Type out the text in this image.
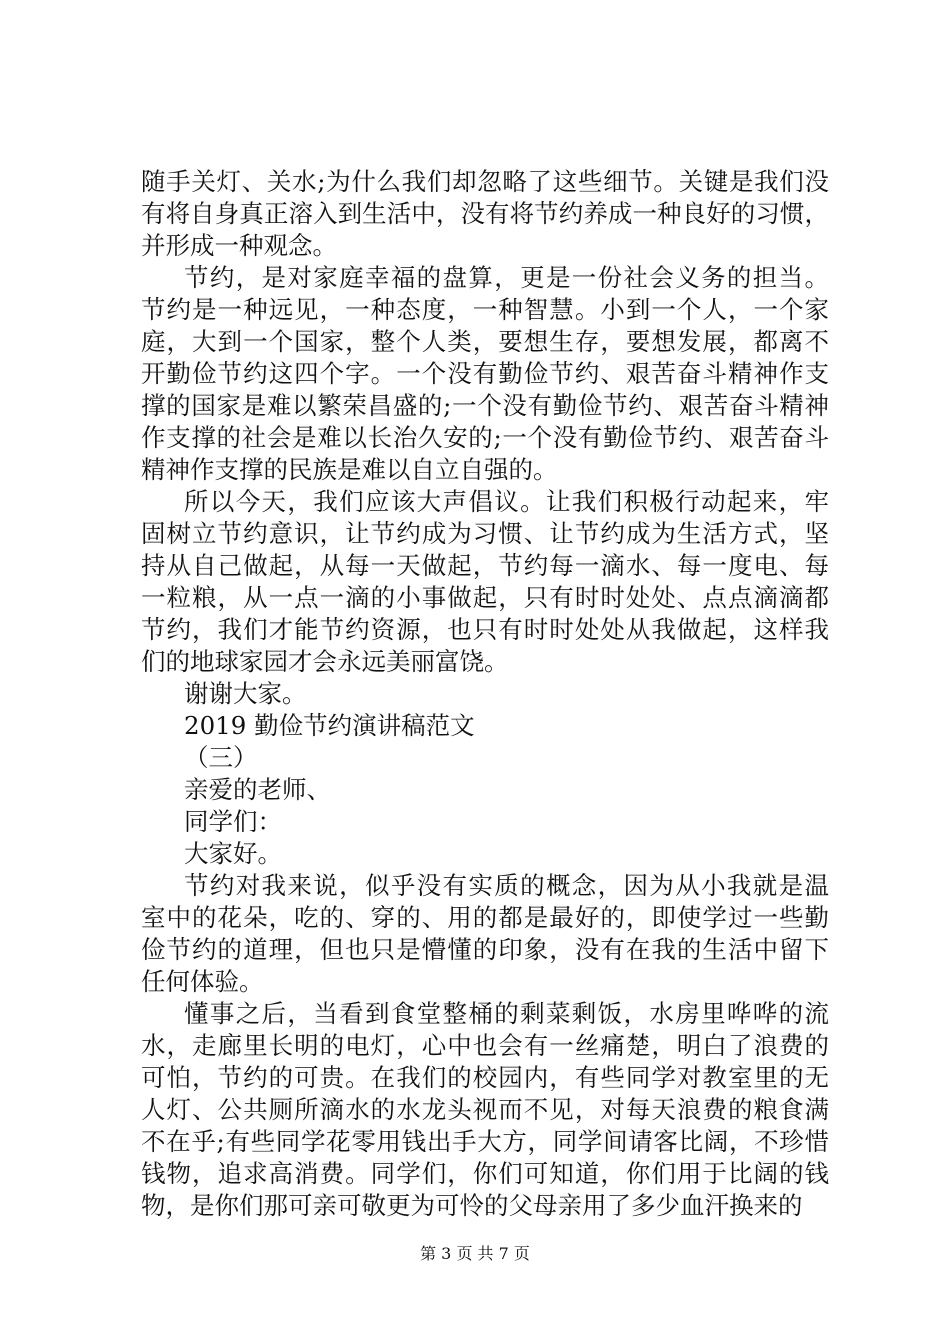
随手关灯、关水;为什么我们却忽略了这些细节。关键是我们没
有将自身真正溶入到生活中，没有将节约养成一种良好的习惯，
并形成一种观念。
节约，是对家庭幸福的盘算，更是一份社会义务的担当。
节约是一种远见，一种态度，一种智慧。小到一个人，一个家
庭，大到一个国家，整个人类，要想生存，要想发展，都离不
开勤俭节约这四个字。一个没有勤俭节约、艰苦奋斗精神作支
撑的国家是难以繁荣昌盛的;一个没有勤俭节约、艰苦奋斗精神
作支撑的社会是难以长治久安的;一个没有勤俭节约、艰苦奋斗
精神作支撑的民族是难以自立自强的。
所以今天，我们应该大声倡议。让我们积极行动起来，牢
固树立节约意识，让节约成为习惯、让节约成为生活方式，坚
持从自己做起，从每一天做起，节约每一滴水、每一度电、每
一粒粮，从一点一滴的小事做起，只有时时处处、点点滴滴都
节约，我们才能节约资源，也只有时时处处从我做起，这样我
们的地球家园才会永远美丽富饶。
谢谢大家。
2019 勤俭节约演讲稿范文
（三）
亲爱的老师、
同学们：
大家好。
节约对我来说，似乎没有实质的概念，因为从小我就是温
室中的花朵，吃的、穿的、用的都是最好的，即使学过一些勤
俭节约的道理，但也只是懵懂的印象，没有在我的生活中留下
任何体验。
懂事之后，当看到食堂整桶的剩菜剩饭，水房里哗哗的流
水，走廊里长明的电灯，心中也会有一丝痛楚，明白了浪费的
可怕，节约的可贵。在我们的校园内，有些同学对教室里的无
人灯、公共厕所滴水的水龙头视而不见，对每天浪费的粮食满
不在乎;有些同学花零用钱出手大方，同学间请客比阔，不珍惜
钱物，追求高消费。同学们，你们可知道，你们用于比阔的钱
物，是你们那可亲可敬更为可怜的父母亲用了多少血汗换来的
第 3 页 共 7 页
